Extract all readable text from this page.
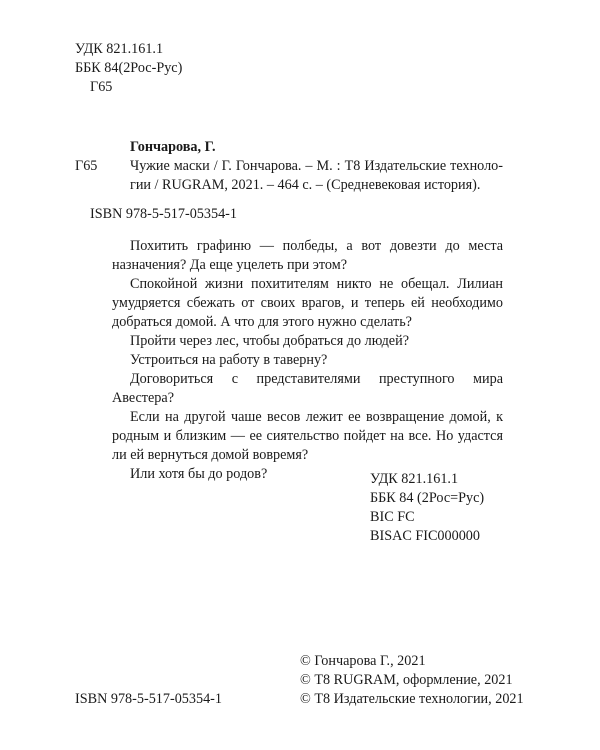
УДК 821.161.1
ББК 84(2Рос-Рус)
Г65
Гончарова, Г.
Г65 Чужие маски / Г. Гончарова. – М. : Т8 Издательские техноло-
гии / RUGRAM, 2021. – 464 с. – (Средневековая история).
ISBN 978-5-517-05354-1
Похитить графиню — полбеды, а вот довезти до места
назначения? Да еще уцелеть при этом?
Спокойной жизни похитителям никто не обещал. Лилиан
умудряется сбежать от своих врагов, и теперь ей необходимо
добраться домой. А что для этого нужно сделать?
Пройти через лес, чтобы добраться до людей?
Устроиться на работу в таверну?
Договориться с представителями преступного мира
Авестера?
Если на другой чаше весов лежит ее возвращение домой, к
родным и близким — ее сиятельство пойдет на все. Но удастся
ли ей вернуться домой вовремя?
Или хотя бы до родов?	УДК 821.161.1
ББК 84 (2Рос=Рус)
BIC FC
BISAC FIC000000
© Гончарова Г., 2021
© Т8 RUGRAM, оформление, 2021
ISBN 978-5-517-05354-1	© Т8 Издательские технологии, 2021
